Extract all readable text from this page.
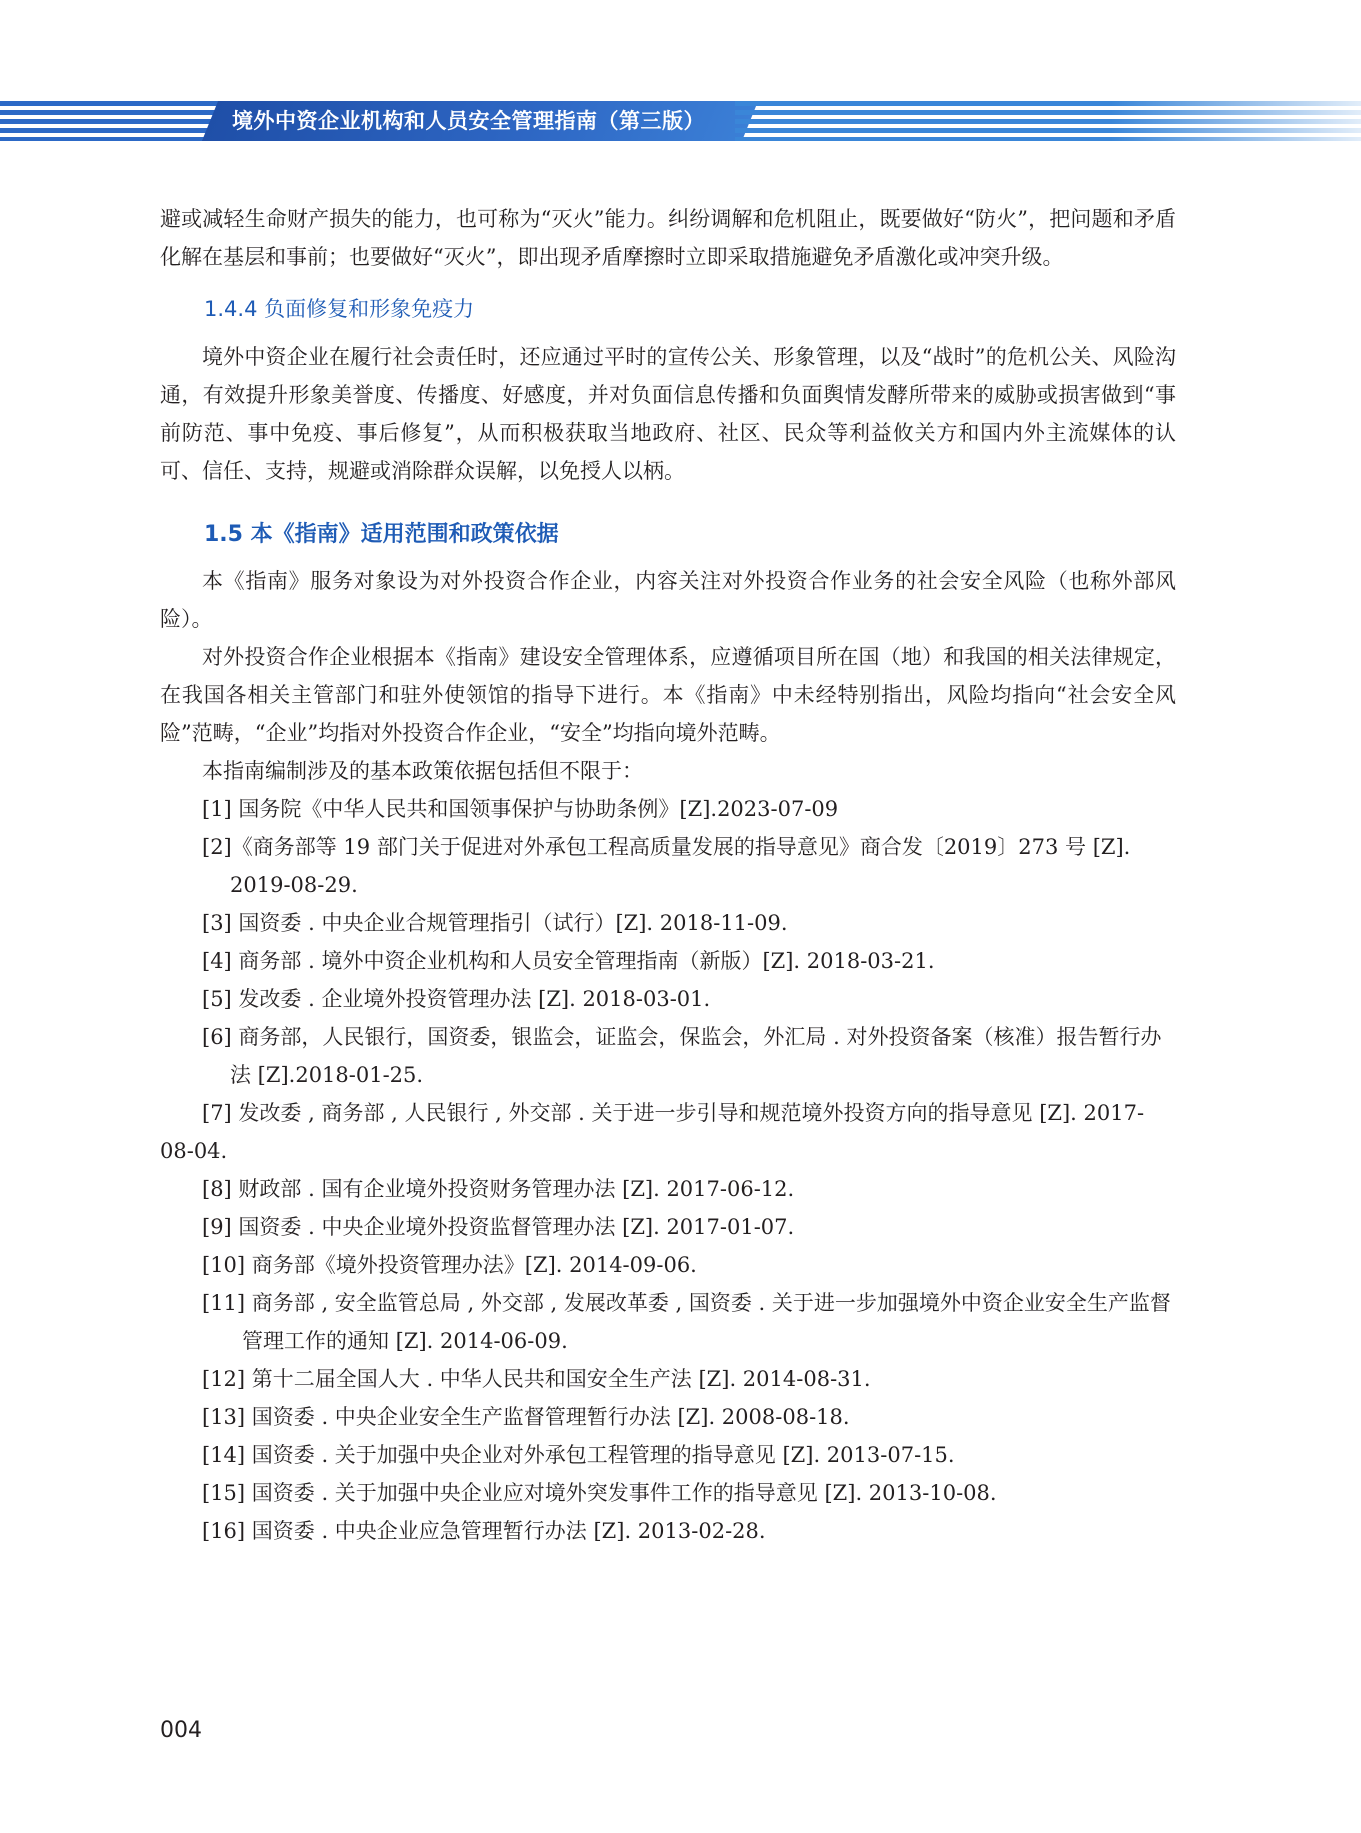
境外中资企业机构和人员安全管理指南（第三版）

避或减轻生命财产损失的能力，也可称为“灭火”能力。纠纷调解和危机阻止，既要做好“防火”，把问题和矛盾化解在基层和事前；也要做好“灭火”，即出现矛盾摩擦时立即采取措施避免矛盾激化或冲突升级。

1.4.4 负面修复和形象免疫力

境外中资企业在履行社会责任时，还应通过平时的宣传公关、形象管理，以及“战时”的危机公关、风险沟通，有效提升形象美誉度、传播度、好感度，并对负面信息传播和负面舆情发酵所带来的威胁或损害做到“事前防范、事中免疫、事后修复”，从而积极获取当地政府、社区、民众等利益攸关方和国内外主流媒体的认可、信任、支持，规避或消除群众误解，以免授人以柄。

1.5 本《指南》适用范围和政策依据

本《指南》服务对象设为对外投资合作企业，内容关注对外投资合作业务的社会安全风险（也称外部风险）。

对外投资合作企业根据本《指南》建设安全管理体系，应遵循项目所在国（地）和我国的相关法律规定，在我国各相关主管部门和驻外使领馆的指导下进行。本《指南》中未经特别指出，风险均指向“社会安全风险”范畴，“企业”均指对外投资合作企业，“安全”均指向境外范畴。

本指南编制涉及的基本政策依据包括但不限于：

[1] 国务院《中华人民共和国领事保护与协助条例》[Z].2023-07-09

[2]《商务部等 19 部门关于促进对外承包工程高质量发展的指导意见》商合发〔2019〕273 号 [Z]. 2019-08-29.

[3] 国资委 . 中央企业合规管理指引（试行）[Z]. 2018-11-09.

[4] 商务部 . 境外中资企业机构和人员安全管理指南（新版）[Z]. 2018-03-21.

[5] 发改委 . 企业境外投资管理办法 [Z]. 2018-03-01.

[6] 商务部，人民银行，国资委，银监会，证监会，保监会，外汇局 . 对外投资备案（核准）报告暂行办法 [Z].2018-01-25.

[7] 发改委 , 商务部 , 人民银行 , 外交部 . 关于进一步引导和规范境外投资方向的指导意见 [Z]. 2017-08-04.

[8] 财政部 . 国有企业境外投资财务管理办法 [Z]. 2017-06-12.

[9] 国资委 . 中央企业境外投资监督管理办法 [Z]. 2017-01-07.

[10] 商务部《境外投资管理办法》[Z]. 2014-09-06.

[11] 商务部 , 安全监管总局 , 外交部 , 发展改革委 , 国资委 . 关于进一步加强境外中资企业安全生产监督管理工作的通知 [Z]. 2014-06-09.

[12] 第十二届全国人大 . 中华人民共和国安全生产法 [Z]. 2014-08-31.

[13] 国资委 . 中央企业安全生产监督管理暂行办法 [Z]. 2008-08-18.

[14] 国资委 . 关于加强中央企业对外承包工程管理的指导意见 [Z]. 2013-07-15.

[15] 国资委 . 关于加强中央企业应对境外突发事件工作的指导意见 [Z]. 2013-10-08.

[16] 国资委 . 中央企业应急管理暂行办法 [Z]. 2013-02-28.

004
